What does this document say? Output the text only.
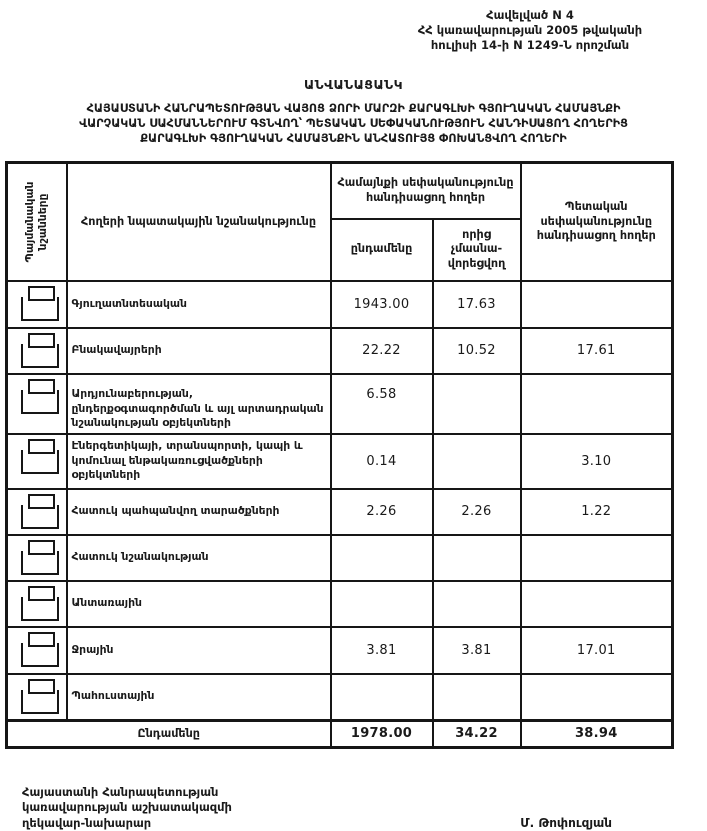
Հավելված N 4
ՀՀ կառավարության 2005 թվականի
հուլիսի 14-ի N 1249-Ն որոշման
ԱՆՎԱՆԱՑԱՆԿ
ՀԱՅԱՍՏԱՆԻ ՀԱՆՐԱՊԵՏՈՒԹՅԱՆ ՎԱՅՈՑ ՁՈՐԻ ՄԱՐԶԻ ՔԱՐԱԳԼԽԻ ԳՅՈՒՂԱԿԱՆ ՀԱՄԱՅՆՔԻ
ՎԱՐՉԱԿԱՆ ՍԱՀՄԱՆՆԵՐՈՒՄ ԳՏՆՎՈՂ՝ ՊԵՏԱԿԱՆ ՍԵՓԱԿԱՆՈՒԹՅՈՒՆ ՀԱՆԴԻՍԱՑՈՂ ՀՈՂԵՐԻՑ
ՔԱՐԱԳԼԽԻ ԳՅՈՒՂԱԿԱՆ ՀԱՄԱՅՆՔԻՆ ԱՆՀԱՏՈՒՅՑ ՓՈԽԱՆՑՎՈՂ ՀՈՂԵՐԻ
Պայմանական նշանները	Հողերի նպատակային նշանակությունը	Համայնքի սեփականությունը հանդիսացող հողեր		Պետական սեփականությունը հանդիսացող հողեր
		ընդամենը	որից չմասնա-վորեցվող	

	Գյուղատնտեսական	1943.00	17.63	

	Բնակավայրերի	22.22	10.52	17.61

	Արդյունաբերության, ընդերքօգտագործման և այլ արտադրական նշանակության օբյեկտների	6.58		

	Էներգետիկայի, տրանսպորտի, կապի և կոմունալ ենթակառուցվածքների օբյեկտների	0.14		3.10

	Հատուկ պահպանվող տարածքների	2.26	2.26	1.22

	Հատուկ նշանակության			

	Անտառային			

	Ջրային	3.81	3.81	17.01

	Պահուստային			
Ընդամենը		1978.00	34.22	38.94
Հայաստանի Հանրապետության
կառավարության աշխատակազմի
ղեկավար-նախարար	Մ. Թոփուզյան
